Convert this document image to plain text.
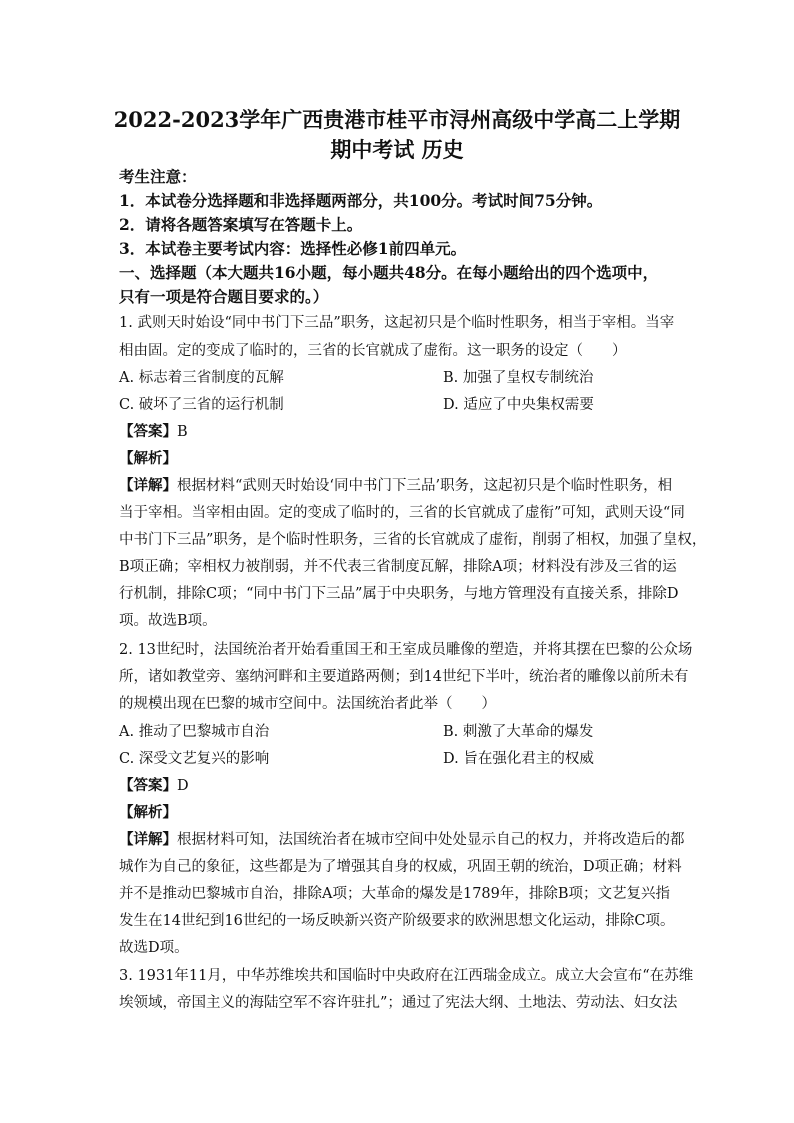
2022-2023学年广西贵港市桂平市浔州高级中学高二上学期
期中考试 历史
考生注意：
1．本试卷分选择题和非选择题两部分，共100分。考试时间75分钟。
2．请将各题答案填写在答题卡上。
3．本试卷主要考试内容：选择性必修1前四单元。
一、选择题（本大题共16小题，每小题共48分。在每小题给出的四个选项中，
只有一项是符合题目要求的。）
1. 武则天时始设“同中书门下三品”职务，这起初只是个临时性职务，相当于宰相。当宰
相由固。定的变成了临时的，三省的长官就成了虚衔。这一职务的设定（　　）
A. 标志着三省制度的瓦解	B. 加强了皇权专制统治
C. 破坏了三省的运行机制	D. 适应了中央集权需要
【答案】B
【解析】
【详解】根据材料“武则天时始设‘同中书门下三品’职务，这起初只是个临时性职务，相
当于宰相。当宰相由固。定的变成了临时的，三省的长官就成了虚衔”可知，武则天设“同
中书门下三品”职务，是个临时性职务，三省的长官就成了虚衔，削弱了相权，加强了皇权，
B项正确；宰相权力被削弱，并不代表三省制度瓦解，排除A项；材料没有涉及三省的运
行机制，排除C项；“同中书门下三品”属于中央职务，与地方管理没有直接关系，排除D
项。故选B项。
2. 13世纪时，法国统治者开始看重国王和王室成员雕像的塑造，并将其摆在巴黎的公众场
所，诸如教堂旁、塞纳河畔和主要道路两侧；到14世纪下半叶，统治者的雕像以前所未有
的规模出现在巴黎的城市空间中。法国统治者此举（　　）
A. 推动了巴黎城市自治	B. 刺激了大革命的爆发
C. 深受文艺复兴的影响	D. 旨在强化君主的权威
【答案】D
【解析】
【详解】根据材料可知，法国统治者在城市空间中处处显示自己的权力，并将改造后的都
城作为自己的象征，这些都是为了增强其自身的权威，巩固王朝的统治，D项正确；材料
并不是推动巴黎城市自治，排除A项；大革命的爆发是1789年，排除B项；文艺复兴指
发生在14世纪到16世纪的一场反映新兴资产阶级要求的欧洲思想文化运动，排除C项。
故选D项。
3. 1931年11月，中华苏维埃共和国临时中央政府在江西瑞金成立。成立大会宣布“在苏维
埃领域，帝国主义的海陆空军不容许驻扎”；通过了宪法大纲、土地法、劳动法、妇女法
